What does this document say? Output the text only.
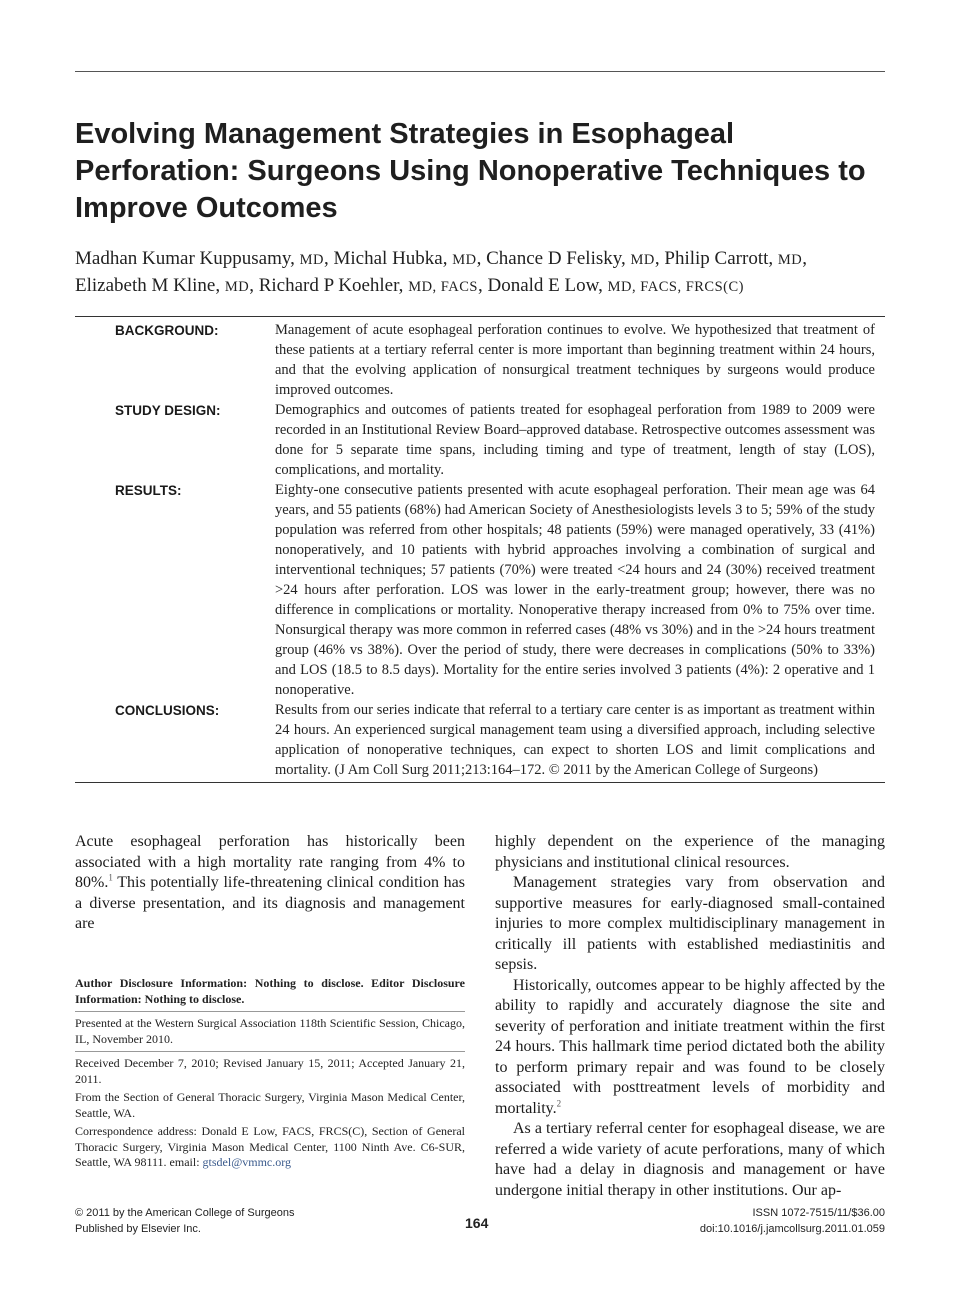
Evolving Management Strategies in Esophageal Perforation: Surgeons Using Nonoperative Techniques to Improve Outcomes
Madhan Kumar Kuppusamy, MD, Michal Hubka, MD, Chance D Felisky, MD, Philip Carrott, MD,
Elizabeth M Kline, MD, Richard P Koehler, MD, FACS, Donald E Low, MD, FACS, FRCS(C)
BACKGROUND:	Management of acute esophageal perforation continues to evolve. We hypothesized that treatment of these patients at a tertiary referral center is more important than beginning treatment within 24 hours, and that the evolving application of nonsurgical treatment techniques by surgeons would produce improved outcomes.
STUDY DESIGN:	Demographics and outcomes of patients treated for esophageal perforation from 1989 to 2009 were recorded in an Institutional Review Board–approved database. Retrospective outcomes assessment was done for 5 separate time spans, including timing and type of treatment, length of stay (LOS), complications, and mortality.
RESULTS:	Eighty-one consecutive patients presented with acute esophageal perforation. Their mean age was 64 years, and 55 patients (68%) had American Society of Anesthesiologists levels 3 to 5; 59% of the study population was referred from other hospitals; 48 patients (59%) were managed operatively, 33 (41%) nonoperatively, and 10 patients with hybrid approaches involving a combination of surgical and interventional techniques; 57 patients (70%) were treated <24 hours and 24 (30%) received treatment >24 hours after perforation. LOS was lower in the early-treatment group; however, there was no difference in complications or mortality. Nonoperative therapy increased from 0% to 75% over time. Nonsurgical therapy was more common in referred cases (48% vs 30%) and in the >24 hours treatment group (46% vs 38%). Over the period of study, there were decreases in complications (50% to 33%) and LOS (18.5 to 8.5 days). Mortality for the entire series involved 3 patients (4%): 2 operative and 1 nonoperative.
CONCLUSIONS:	Results from our series indicate that referral to a tertiary care center is as important as treatment within 24 hours. An experienced surgical management team using a diversified approach, including selective application of nonoperative techniques, can expect to shorten LOS and limit complications and mortality. (J Am Coll Surg 2011;213:164–172. © 2011 by the American College of Surgeons)

Acute esophageal perforation has historically been associated with a high mortality rate ranging from 4% to 80%.$^1$ This potentially life-threatening clinical condition has a diverse presentation, and its diagnosis and management are

Author Disclosure Information: Nothing to disclose. Editor Disclosure Information: Nothing to disclose.

Presented at the Western Surgical Association 118th Scientific Session, Chicago, IL, November 2010.

Received December 7, 2010; Revised January 15, 2011; Accepted January 21, 2011.

From the Section of General Thoracic Surgery, Virginia Mason Medical Center, Seattle, WA.

Correspondence address: Donald E Low, FACS, FRCS(C), Section of General Thoracic Surgery, Virginia Mason Medical Center, 1100 Ninth Ave. C6-SUR, Seattle, WA 98111. email: gtsdel@vmmc.org

highly dependent on the experience of the managing physicians and institutional clinical resources.

Management strategies vary from observation and supportive measures for early-diagnosed small-contained injuries to more complex multidisciplinary management in critically ill patients with established mediastinitis and sepsis.

Historically, outcomes appear to be highly affected by the ability to rapidly and accurately diagnose the site and severity of perforation and initiate treatment within the first 24 hours. This hallmark time period dictated both the ability to perform primary repair and was found to be closely associated with posttreatment levels of morbidity and mortality.$^2$

As a tertiary referral center for esophageal disease, we are referred a wide variety of acute perforations, many of which have had a delay in diagnosis and management or have undergone initial therapy in other institutions. Our ap-

© 2011 by the American College of Surgeons
Published by Elsevier Inc.	164
ISSN 1072-7515/11/$36.00
doi:10.1016/j.jamcollsurg.2011.01.059
